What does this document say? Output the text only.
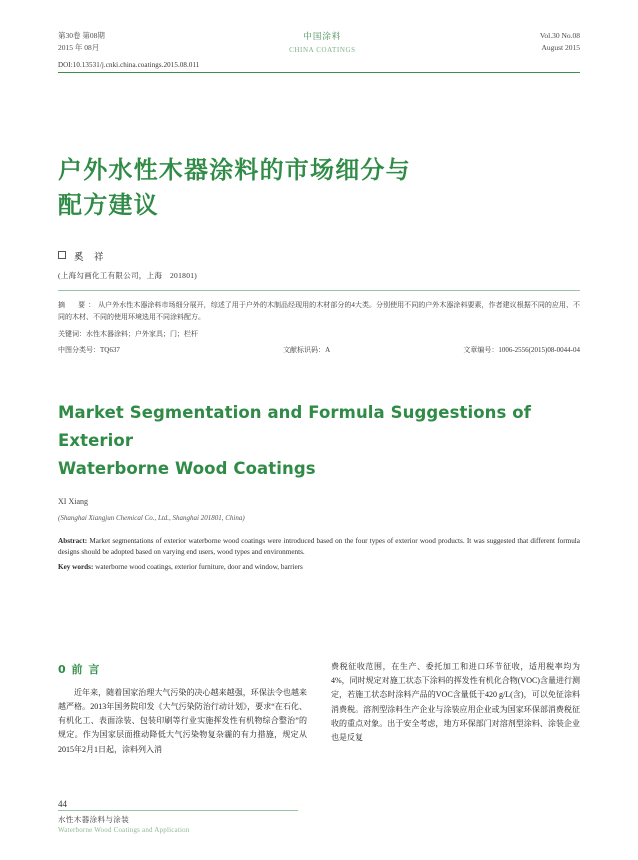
第30卷 第08期
2015 年 08月
中国涂料
CHINA COATINGS
Vol.30 No.08
August 2015
DOI:10.13531/j.cnki.china.coatings.2015.08.011
户外水性木器涂料的市场细分与
配方建议
奚　祥
(上海勾画化工有限公司，上海　201801)
摘　要：从户外水性木器涂料市场细分展开，综述了用于户外的木制品经现用的木材部分的4大类。分别使用不同的户外木器涂料要素，作者建议根据不同的应用、不同的木材、不同的使用环境选用不同涂料配方。
关键词：水性木器涂料；户外家具；门；栏杆
中图分类号：TQ637	文献标识码：A	文章编号：1006-2556(2015)08-0044-04
Market Segmentation and Formula Suggestions of Exterior
Waterborne Wood Coatings
XI Xiang
(Shanghai Xiangjun Chemical Co., Ltd., Shanghai 201801, China)
Abstract: Market segmentations of exterior waterborne wood coatings were introduced based on the four types of exterior wood products. It was suggested that different formula designs should be adopted based on varying end users, wood types and environments.
Key words: waterborne wood coatings, exterior furniture, door and window, barriers
0 前 言
近年来，随着国家治理大气污染的决心越来越强，环保法令也越来越严格。2013年国务院印发《大气污染防治行动计划》，要求“在石化、有机化工、表面涂装、包装印刷等行业实施挥发性有机物综合整治”的规定。作为国家层面推动降低大气污染物复杂霾的有力措施，规定从2015年2月1日起，涂料列入消
费税征收范围，在生产、委托加工和进口环节征收，适用税率均为4%，同时规定对施工状态下涂料的挥发性有机化合物(VOC)含量进行测定，若施工状态时涂料产品的VOC含量低于420 g/L(含)，可以免征涂料消费税。溶剂型涂料生产企业与涂装应用企业或为国家环保部消费税征收的重点对象。出于安全考虑，地方环保部门对溶剂型涂料、涂装企业也是反复
44
水性木器涂料与涂装
Waterborne Wood Coatings and Application
